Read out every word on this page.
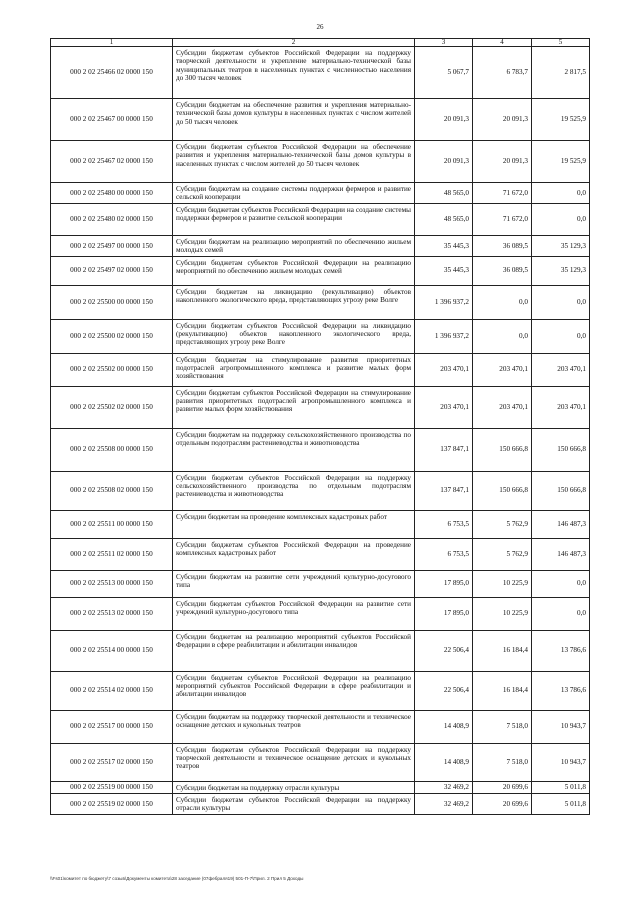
26
1	2	3	4	5
000 2 02 25466 02 0000 150	Субсидии бюджетам субъектов Российской Федерации на поддержку творческой деятельности и укрепление материально-технической базы муниципальных театров в населенных пунктах с численностью населения до 300 тысяч человек	5 067,7	6 783,7	2 817,5
000 2 02 25467 00 0000 150	Субсидии бюджетам на обеспечение развития и укрепления материально-технической базы домов культуры в населенных пунктах с числом жителей до 50 тысяч человек	20 091,3	20 091,3	19 525,9
000 2 02 25467 02 0000 150	Субсидии бюджетам субъектов Российской Федерации на обеспечение развития и укрепления материально-технической базы домов культуры в населенных пунктах с числом жителей до 50 тысяч человек	20 091,3	20 091,3	19 525,9
000 2 02 25480 00 0000 150	Субсидии бюджетам на создание системы поддержки фермеров и развитие сельской кооперации	48 565,0	71 672,0	0,0
000 2 02 25480 02 0000 150	Субсидии бюджетам субъектов Российской Федерации на создание системы поддержки фермеров и развитие сельской кооперации	48 565,0	71 672,0	0,0
000 2 02 25497 00 0000 150	Субсидии бюджетам на реализацию мероприятий по обеспечению жильем молодых семей	35 445,3	36 089,5	35 129,3
000 2 02 25497 02 0000 150	Субсидии бюджетам субъектов Российской Федерации на реализацию мероприятий по обеспечению жильем молодых семей	35 445,3	36 089,5	35 129,3
000 2 02 25500 00 0000 150	Субсидии бюджетам на ликвидацию (рекультивацию) объектов накопленного экологического вреда, представляющих угрозу реке Волге	1 396 937,2	0,0	0,0
000 2 02 25500 02 0000 150	Субсидии бюджетам субъектов Российской Федерации на ликвидацию (рекультивацию) объектов накопленного экологического вреда, представляющих угрозу реке Волге	1 396 937,2	0,0	0,0
000 2 02 25502 00 0000 150	Субсидии бюджетам на стимулирование развития приоритетных подотраслей агропромышленного комплекса и развитие малых форм хозяйствования	203 470,1	203 470,1	203 470,1
000 2 02 25502 02 0000 150	Субсидии бюджетам субъектов Российской Федерации на стимулирование развития приоритетных подотраслей агропромышленного комплекса и развитие малых форм хозяйствования	203 470,1	203 470,1	203 470,1
000 2 02 25508 00 0000 150	Субсидии бюджетам на поддержку сельскохозяйственного производства по отдельным подотраслям растениеводства и животноводства	137 847,1	150 666,8	150 666,8
000 2 02 25508 02 0000 150	Субсидии бюджетам субъектов Российской Федерации на поддержку сельскохозяйственного производства по отдельным подотраслям растениеводства и животноводства	137 847,1	150 666,8	150 666,8
000 2 02 25511 00 0000 150	Субсидии бюджетам на проведение комплексных кадастровых работ	6 753,5	5 762,9	146 487,3
000 2 02 25511 02 0000 150	Субсидии бюджетам субъектов Российской Федерации на проведение комплексных кадастровых работ	6 753,5	5 762,9	146 487,3
000 2 02 25513 00 0000 150	Субсидии бюджетам на развитие сети учреждений культурно-досугового типа	17 895,0	10 225,9	0,0
000 2 02 25513 02 0000 150	Субсидии бюджетам субъектов Российской Федерации на развитие сети учреждений культурно-досугового типа	17 895,0	10 225,9	0,0
000 2 02 25514 00 0000 150	Субсидии бюджетам на реализацию мероприятий субъектов Российской Федерации в сфере реабилитации и абилитации инвалидов	22 506,4	16 184,4	13 786,6
000 2 02 25514 02 0000 150	Субсидии бюджетам субъектов Российской Федерации на реализацию мероприятий субъектов Российской Федерации в сфере реабилитации и абилитации инвалидов	22 506,4	16 184,4	13 786,6
000 2 02 25517 00 0000 150	Субсидии бюджетам на поддержку творческой деятельности и техническое оснащение детских и кукольных театров	14 408,9	7 518,0	10 943,7
000 2 02 25517 02 0000 150	Субсидии бюджетам субъектов Российской Федерации на поддержку творческой деятельности и техническое оснащение детских и кукольных театров	14 408,9	7 518,0	10 943,7
000 2 02 25519 00 0000 150	Субсидии бюджетам на поддержку отрасли культуры	32 469,2	20 699,6	5 011,8
000 2 02 25519 02 0000 150	Субсидии бюджетам субъектов Российской Федерации на поддержку отрасли культуры	32 469,2	20 699,6	5 011,8
\\Fs01\комитет по бюджету\7 созыв\Документы комитета\28 заседание (07фебраля19) 501-П-7\Прил. 2 Прил 5 Доходы
